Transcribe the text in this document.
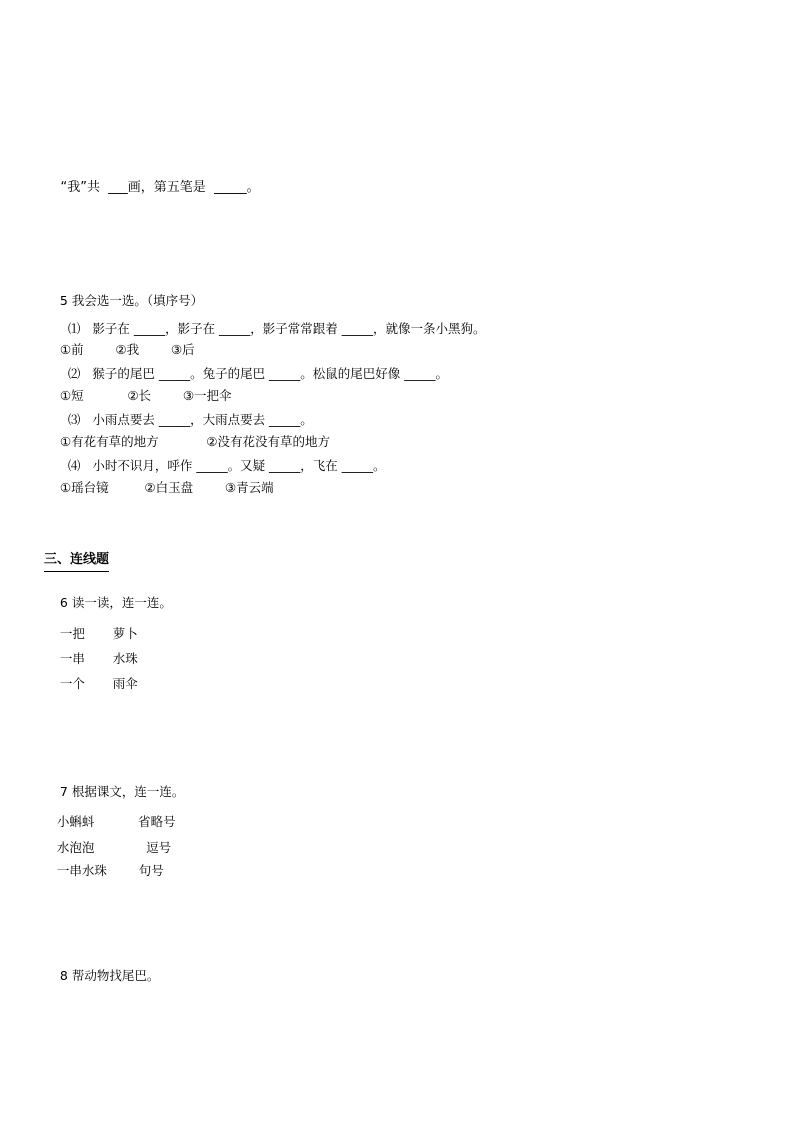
“我”共 ___画，第五笔是 _____。

5 我会选一选。（填序号）

⑴ 影子在 _____，影子在 _____，影子常常跟着 _____，就像一条小黑狗。

①前        ②我        ③后

⑵ 猴子的尾巴 _____。兔子的尾巴 _____。松鼠的尾巴好像 _____。

①短           ②长        ③一把伞

⑶ 小雨点要去 _____，大雨点要去 _____。

①有花有草的地方            ②没有花没有草的地方

⑷ 小时不识月，呼作 _____。又疑 _____，飞在 _____。

①瑶台镜         ②白玉盘        ③青云端

三、连线题

6 读一读，连一连。

一把 萝卜

一串 水珠

一个 雨伞

7 根据课文，连一连。

小蝌蚪	省略号

水泡泡	逗号

一串水珠	句号

8 帮动物找尾巴。
